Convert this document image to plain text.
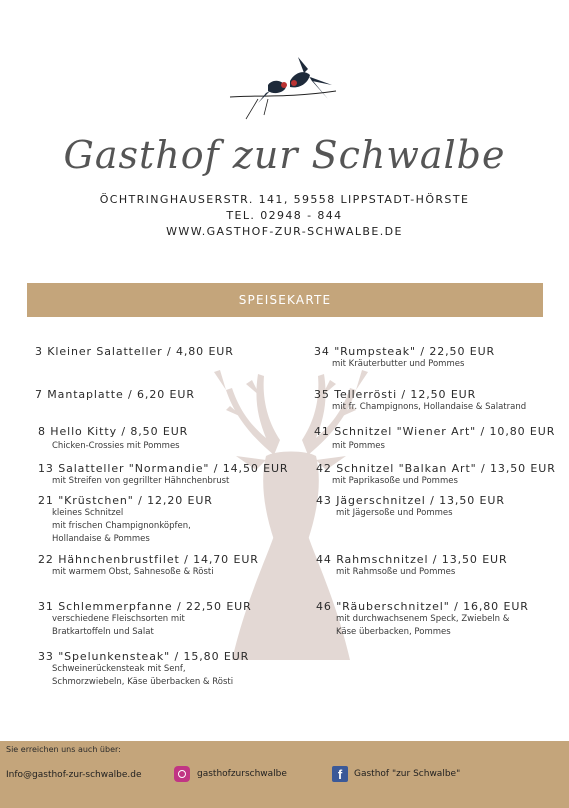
Gasthof zur Schwalbe
ÖCHTRINGHAUSERSTR. 141, 59558 LIPPSTADT-HÖRSTE
TEL. 02948 - 844
WWW.GASTHOF-ZUR-SCHWALBE.DE
SPEISEKARTE
3 Kleiner Salatteller / 4,80 EUR
7 Mantaplatte / 6,20 EUR
8 Hello Kitty / 8,50 EUR
Chicken-Crossies mit Pommes
13 Salatteller "Normandie" / 14,50 EUR
mit Streifen von gegrillter Hähnchenbrust
21 "Krüstchen" / 12,20 EUR
kleines Schnitzel
mit frischen Champignonköpfen,
Hollandaise & Pommes
22 Hähnchenbrustfilet / 14,70 EUR
mit warmem Obst, Sahnesoße & Rösti
31 Schlemmerpfanne / 22,50 EUR
verschiedene Fleischsorten mit
Bratkartoffeln und Salat
33 "Spelunkensteak" / 15,80 EUR
Schweinerückensteak mit Senf,
Schmorzwiebeln, Käse überbacken & Rösti
34 "Rumpsteak" / 22,50 EUR
mit Kräuterbutter und Pommes
35 Tellerrösti / 12,50 EUR
mit fr. Champignons, Hollandaise & Salatrand
41 Schnitzel "Wiener Art" / 10,80 EUR
mit Pommes
42 Schnitzel "Balkan Art" / 13,50 EUR
mit Paprikasoße und Pommes
43 Jägerschnitzel / 13,50 EUR
mit Jägersoße und Pommes
44 Rahmschnitzel / 13,50 EUR
mit Rahmsoße und Pommes
46 "Räuberschnitzel" / 16,80 EUR
mit durchwachsenem Speck, Zwiebeln &
Käse überbacken, Pommes
Sie erreichen uns auch über:
Info@gasthof-zur-schwalbe.de	gasthofzurschwalbe	f	Gasthof "zur Schwalbe"
